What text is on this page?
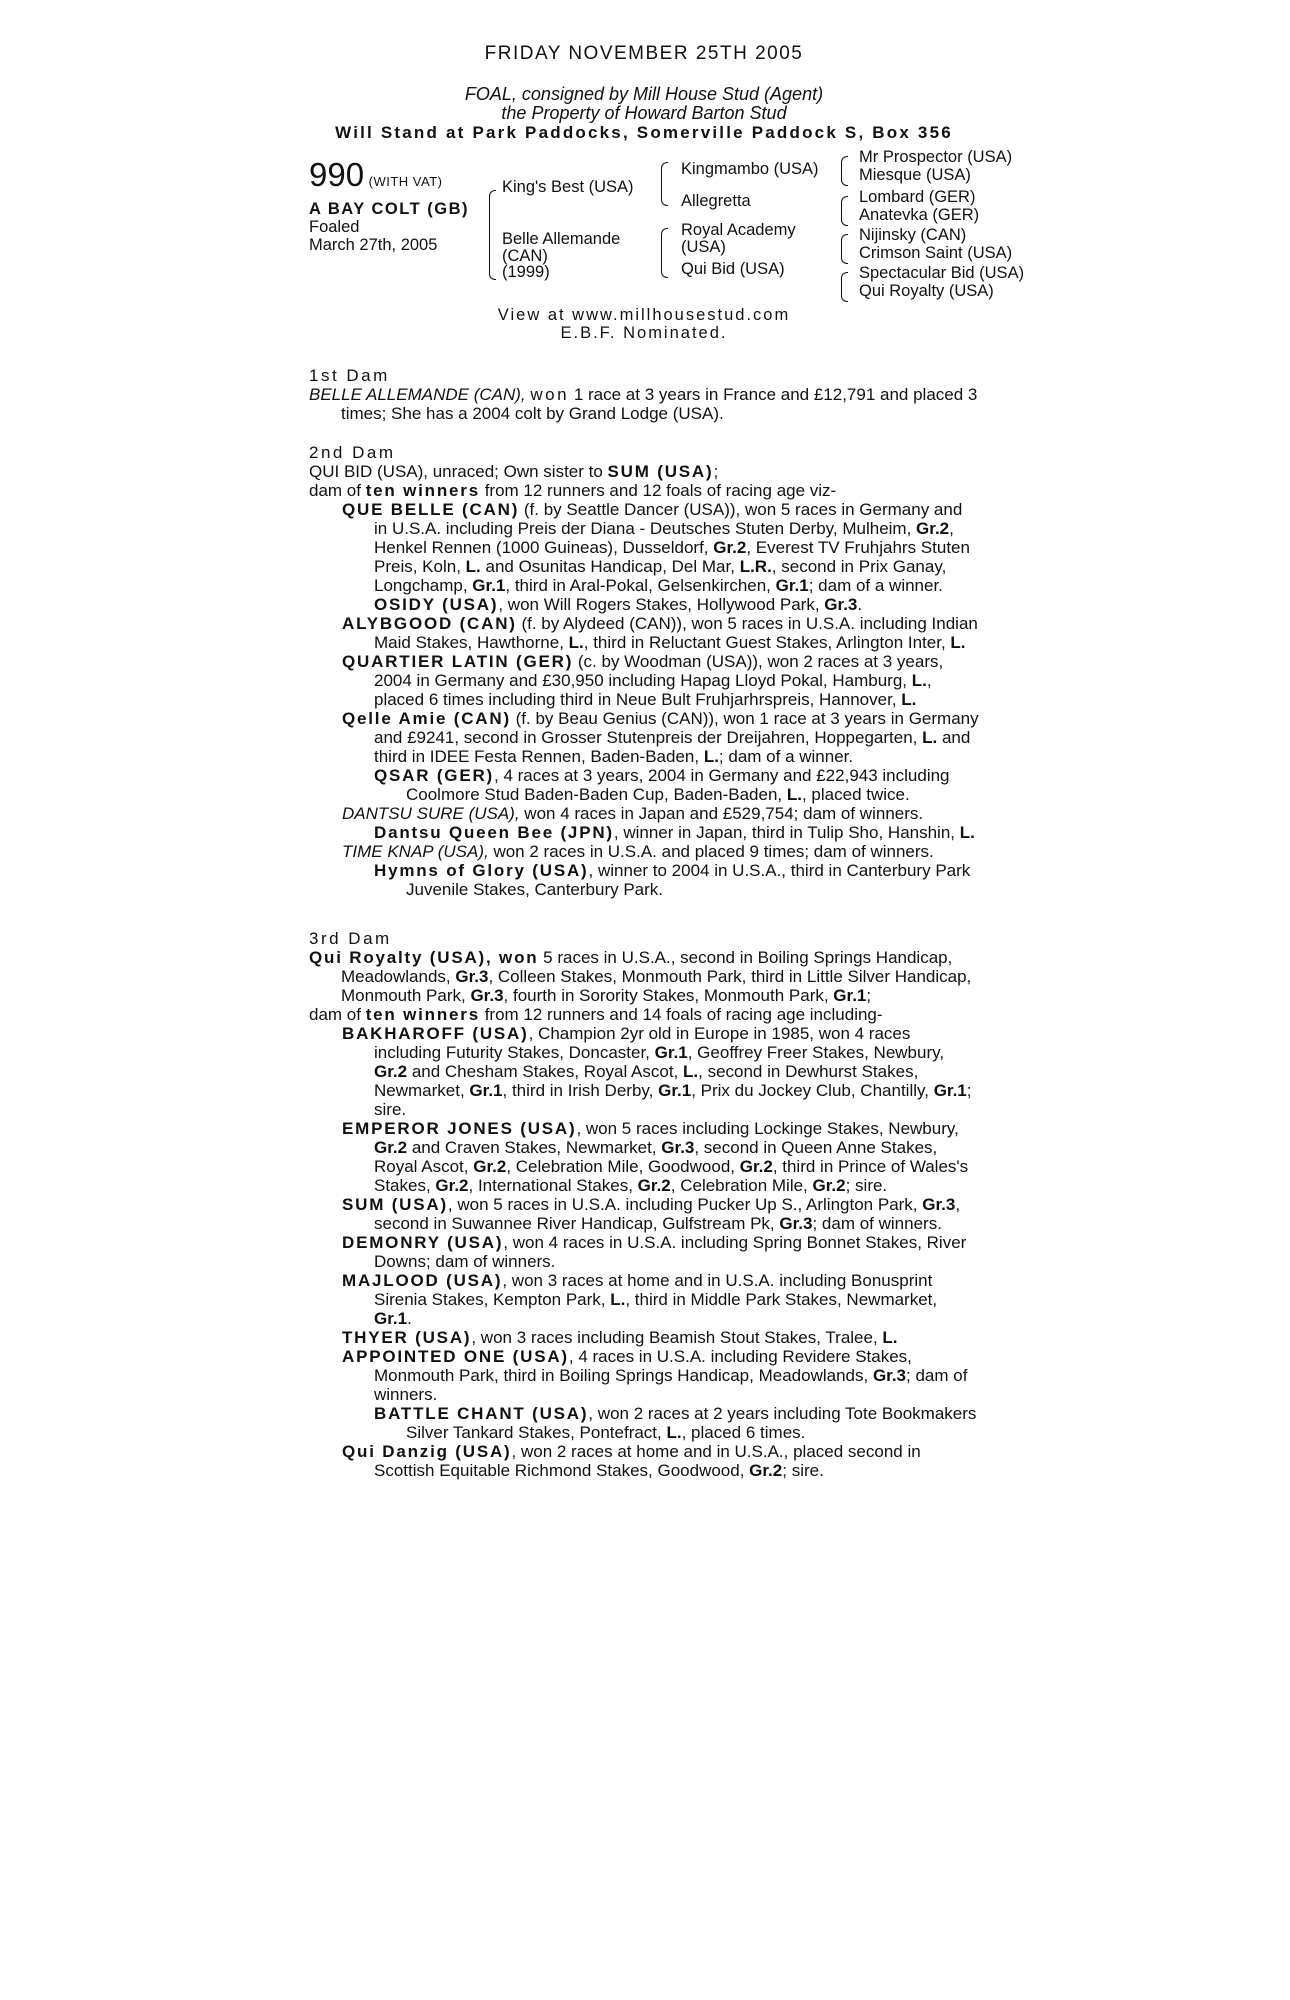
FRIDAY NOVEMBER 25TH 2005
FOAL, consigned by Mill House Stud (Agent)
the Property of Howard Barton Stud
Will Stand at Park Paddocks, Somerville Paddock S, Box 356
990 (WITH VAT)
A BAY COLT (GB)
Foaled
March 27th, 2005
King's Best (USA)
Belle Allemande
(CAN)
(1999)
Kingmambo (USA)
Allegretta
Royal Academy
(USA)
Qui Bid (USA)
Mr Prospector (USA)
Miesque (USA)
Lombard (GER)
Anatevka (GER)
Nijinsky (CAN)
Crimson Saint (USA)
Spectacular Bid (USA)
Qui Royalty (USA)
View at www.millhousestud.com
E.B.F. Nominated.
1st Dam
BELLE ALLEMANDE (CAN), won 1 race at 3 years in France and £12,791 and placed 3 times; She has a 2004 colt by Grand Lodge (USA).
2nd Dam
QUI BID (USA), unraced; Own sister to SUM (USA);
dam of ten winners from 12 runners and 12 foals of racing age viz-
QUE BELLE (CAN) (f. by Seattle Dancer (USA)), won 5 races in Germany and in U.S.A. including Preis der Diana - Deutsches Stuten Derby, Mulheim, Gr.2, Henkel Rennen (1000 Guineas), Dusseldorf, Gr.2, Everest TV Fruhjahrs Stuten Preis, Koln, L. and Osunitas Handicap, Del Mar, L.R., second in Prix Ganay, Longchamp, Gr.1, third in Aral-Pokal, Gelsenkirchen, Gr.1; dam of a winner.
OSIDY (USA), won Will Rogers Stakes, Hollywood Park, Gr.3.
ALYBGOOD (CAN) (f. by Alydeed (CAN)), won 5 races in U.S.A. including Indian Maid Stakes, Hawthorne, L., third in Reluctant Guest Stakes, Arlington Inter, L.
QUARTIER LATIN (GER) (c. by Woodman (USA)), won 2 races at 3 years, 2004 in Germany and £30,950 including Hapag Lloyd Pokal, Hamburg, L., placed 6 times including third in Neue Bult Fruhjarhrspreis, Hannover, L.
Qelle Amie (CAN) (f. by Beau Genius (CAN)), won 1 race at 3 years in Germany and £9241, second in Grosser Stutenpreis der Dreijahren, Hoppegarten, L. and third in IDEE Festa Rennen, Baden-Baden, L.; dam of a winner.
QSAR (GER), 4 races at 3 years, 2004 in Germany and £22,943 including Coolmore Stud Baden-Baden Cup, Baden-Baden, L., placed twice.
DANTSU SURE (USA), won 4 races in Japan and £529,754; dam of winners.
Dantsu Queen Bee (JPN), winner in Japan, third in Tulip Sho, Hanshin, L.
TIME KNAP (USA), won 2 races in U.S.A. and placed 9 times; dam of winners.
Hymns of Glory (USA), winner to 2004 in U.S.A., third in Canterbury Park Juvenile Stakes, Canterbury Park.
3rd Dam
Qui Royalty (USA), won 5 races in U.S.A., second in Boiling Springs Handicap, Meadowlands, Gr.3, Colleen Stakes, Monmouth Park, third in Little Silver Handicap, Monmouth Park, Gr.3, fourth in Sorority Stakes, Monmouth Park, Gr.1;
dam of ten winners from 12 runners and 14 foals of racing age including-
BAKHAROFF (USA), Champion 2yr old in Europe in 1985, won 4 races including Futurity Stakes, Doncaster, Gr.1, Geoffrey Freer Stakes, Newbury, Gr.2 and Chesham Stakes, Royal Ascot, L., second in Dewhurst Stakes, Newmarket, Gr.1, third in Irish Derby, Gr.1, Prix du Jockey Club, Chantilly, Gr.1; sire.
EMPEROR JONES (USA), won 5 races including Lockinge Stakes, Newbury, Gr.2 and Craven Stakes, Newmarket, Gr.3, second in Queen Anne Stakes, Royal Ascot, Gr.2, Celebration Mile, Goodwood, Gr.2, third in Prince of Wales's Stakes, Gr.2, International Stakes, Gr.2, Celebration Mile, Gr.2; sire.
SUM (USA), won 5 races in U.S.A. including Pucker Up S., Arlington Park, Gr.3, second in Suwannee River Handicap, Gulfstream Pk, Gr.3; dam of winners.
DEMONRY (USA), won 4 races in U.S.A. including Spring Bonnet Stakes, River Downs; dam of winners.
MAJLOOD (USA), won 3 races at home and in U.S.A. including Bonusprint Sirenia Stakes, Kempton Park, L., third in Middle Park Stakes, Newmarket, Gr.1.
THYER (USA), won 3 races including Beamish Stout Stakes, Tralee, L.
APPOINTED ONE (USA), 4 races in U.S.A. including Revidere Stakes, Monmouth Park, third in Boiling Springs Handicap, Meadowlands, Gr.3; dam of winners.
BATTLE CHANT (USA), won 2 races at 2 years including Tote Bookmakers Silver Tankard Stakes, Pontefract, L., placed 6 times.
Qui Danzig (USA), won 2 races at home and in U.S.A., placed second in Scottish Equitable Richmond Stakes, Goodwood, Gr.2; sire.
